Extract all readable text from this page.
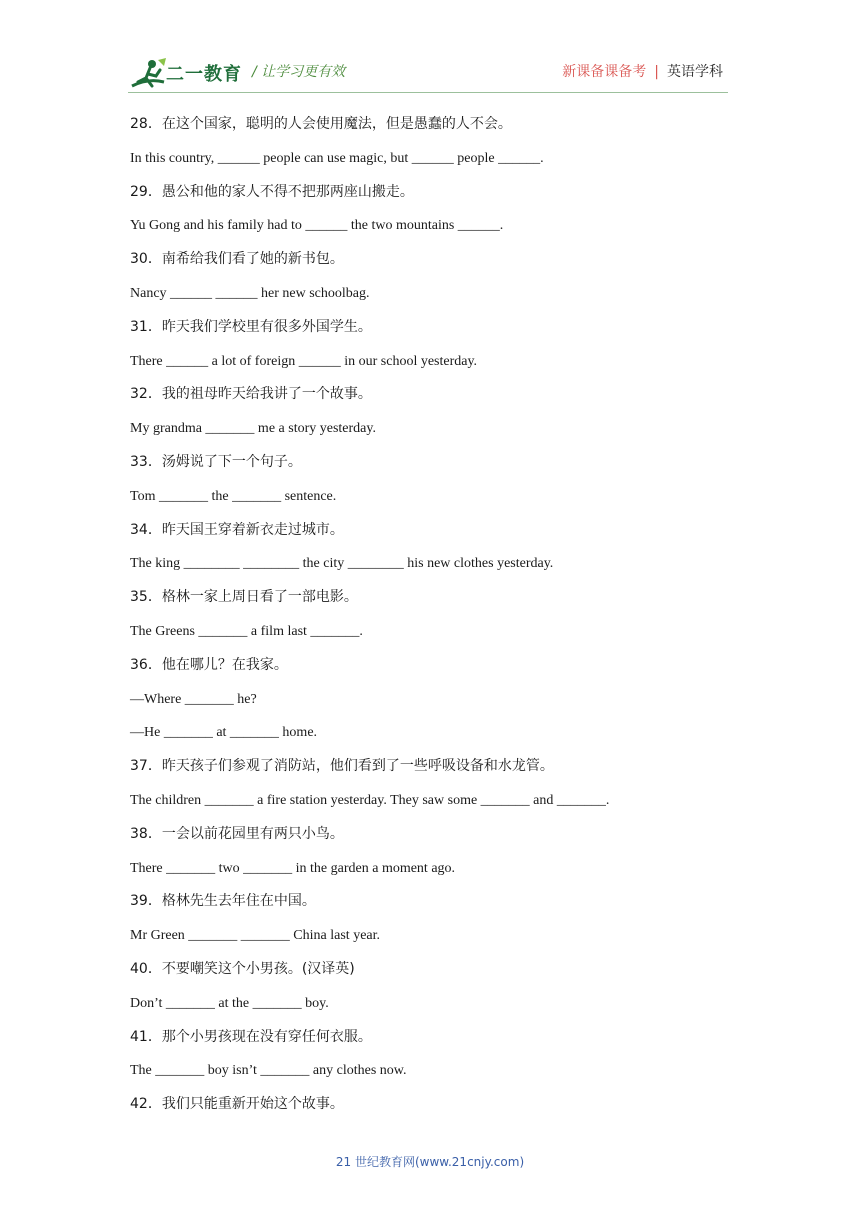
二一教育 / 让学习更有效	新课备课备考 | 英语学科
28．在这个国家，聪明的人会使用魔法，但是愚蠢的人不会。
In this country, ______ people can use magic, but ______ people ______.
29．愚公和他的家人不得不把那两座山搬走。
Yu Gong and his family had to ______ the two mountains ______.
30．南希给我们看了她的新书包。
Nancy ______ ______ her new schoolbag.
31．昨天我们学校里有很多外国学生。
There ______ a lot of foreign ______ in our school yesterday.
32．我的祖母昨天给我讲了一个故事。
My grandma _______ me a story yesterday.
33．汤姆说了下一个句子。
Tom _______ the _______ sentence.
34．昨天国王穿着新衣走过城市。
The king ________ ________ the city ________ his new clothes yesterday.
35．格林一家上周日看了一部电影。
The Greens _______ a film last _______.
36．他在哪儿？在我家。
—Where _______ he?
—He _______ at _______ home.
37．昨天孩子们参观了消防站，他们看到了一些呼吸设备和水龙管。
The children _______ a fire station yesterday. They saw some _______ and _______.
38．一会以前花园里有两只小鸟。
There _______ two _______ in the garden a moment ago.
39．格林先生去年住在中国。
Mr Green _______ _______ China last year.
40．不要嘲笑这个小男孩。(汉译英)
Don’t _______ at the _______ boy.
41．那个小男孩现在没有穿任何衣服。
The _______ boy isn’t _______ any clothes now.
42．我们只能重新开始这个故事。
21 世纪教育网(www.21cnjy.com)
